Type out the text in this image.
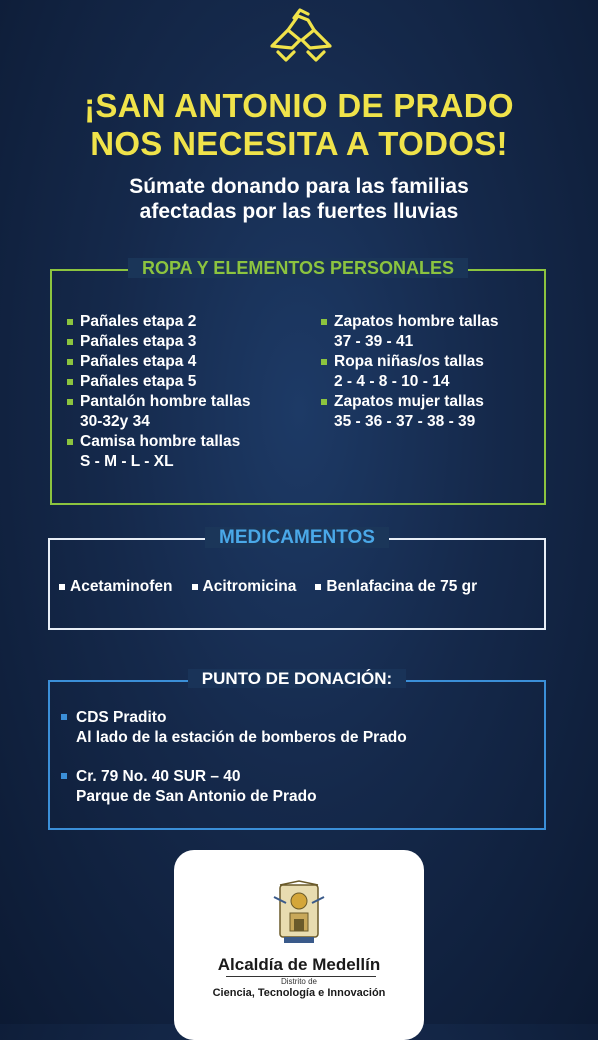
¡SAN ANTONIO DE PRADO
NOS NECESITA A TODOS!
Súmate donando para las familias
afectadas por las fuertes lluvias
ROPA Y ELEMENTOS PERSONALES
Pañales etapa 2
Pañales etapa 3
Pañales etapa 4
Pañales etapa 5
Pantalón hombre tallas
30-32y 34
Camisa hombre tallas
S - M - L - XL
Zapatos hombre tallas
37 - 39 - 41
Ropa niñas/os tallas
2 - 4 - 8 - 10 - 14
Zapatos mujer tallas
35 - 36 - 37 - 38 - 39
MEDICAMENTOS
Acetaminofen	Acitromicina	Benlafacina de 75 gr
PUNTO DE DONACIÓN:
CDS Pradito
Al lado de la estación de bomberos de Prado
Cr. 79 No. 40 SUR – 40
Parque de San Antonio de Prado
Alcaldía de Medellín
Distrito de
Ciencia, Tecnología e Innovación
